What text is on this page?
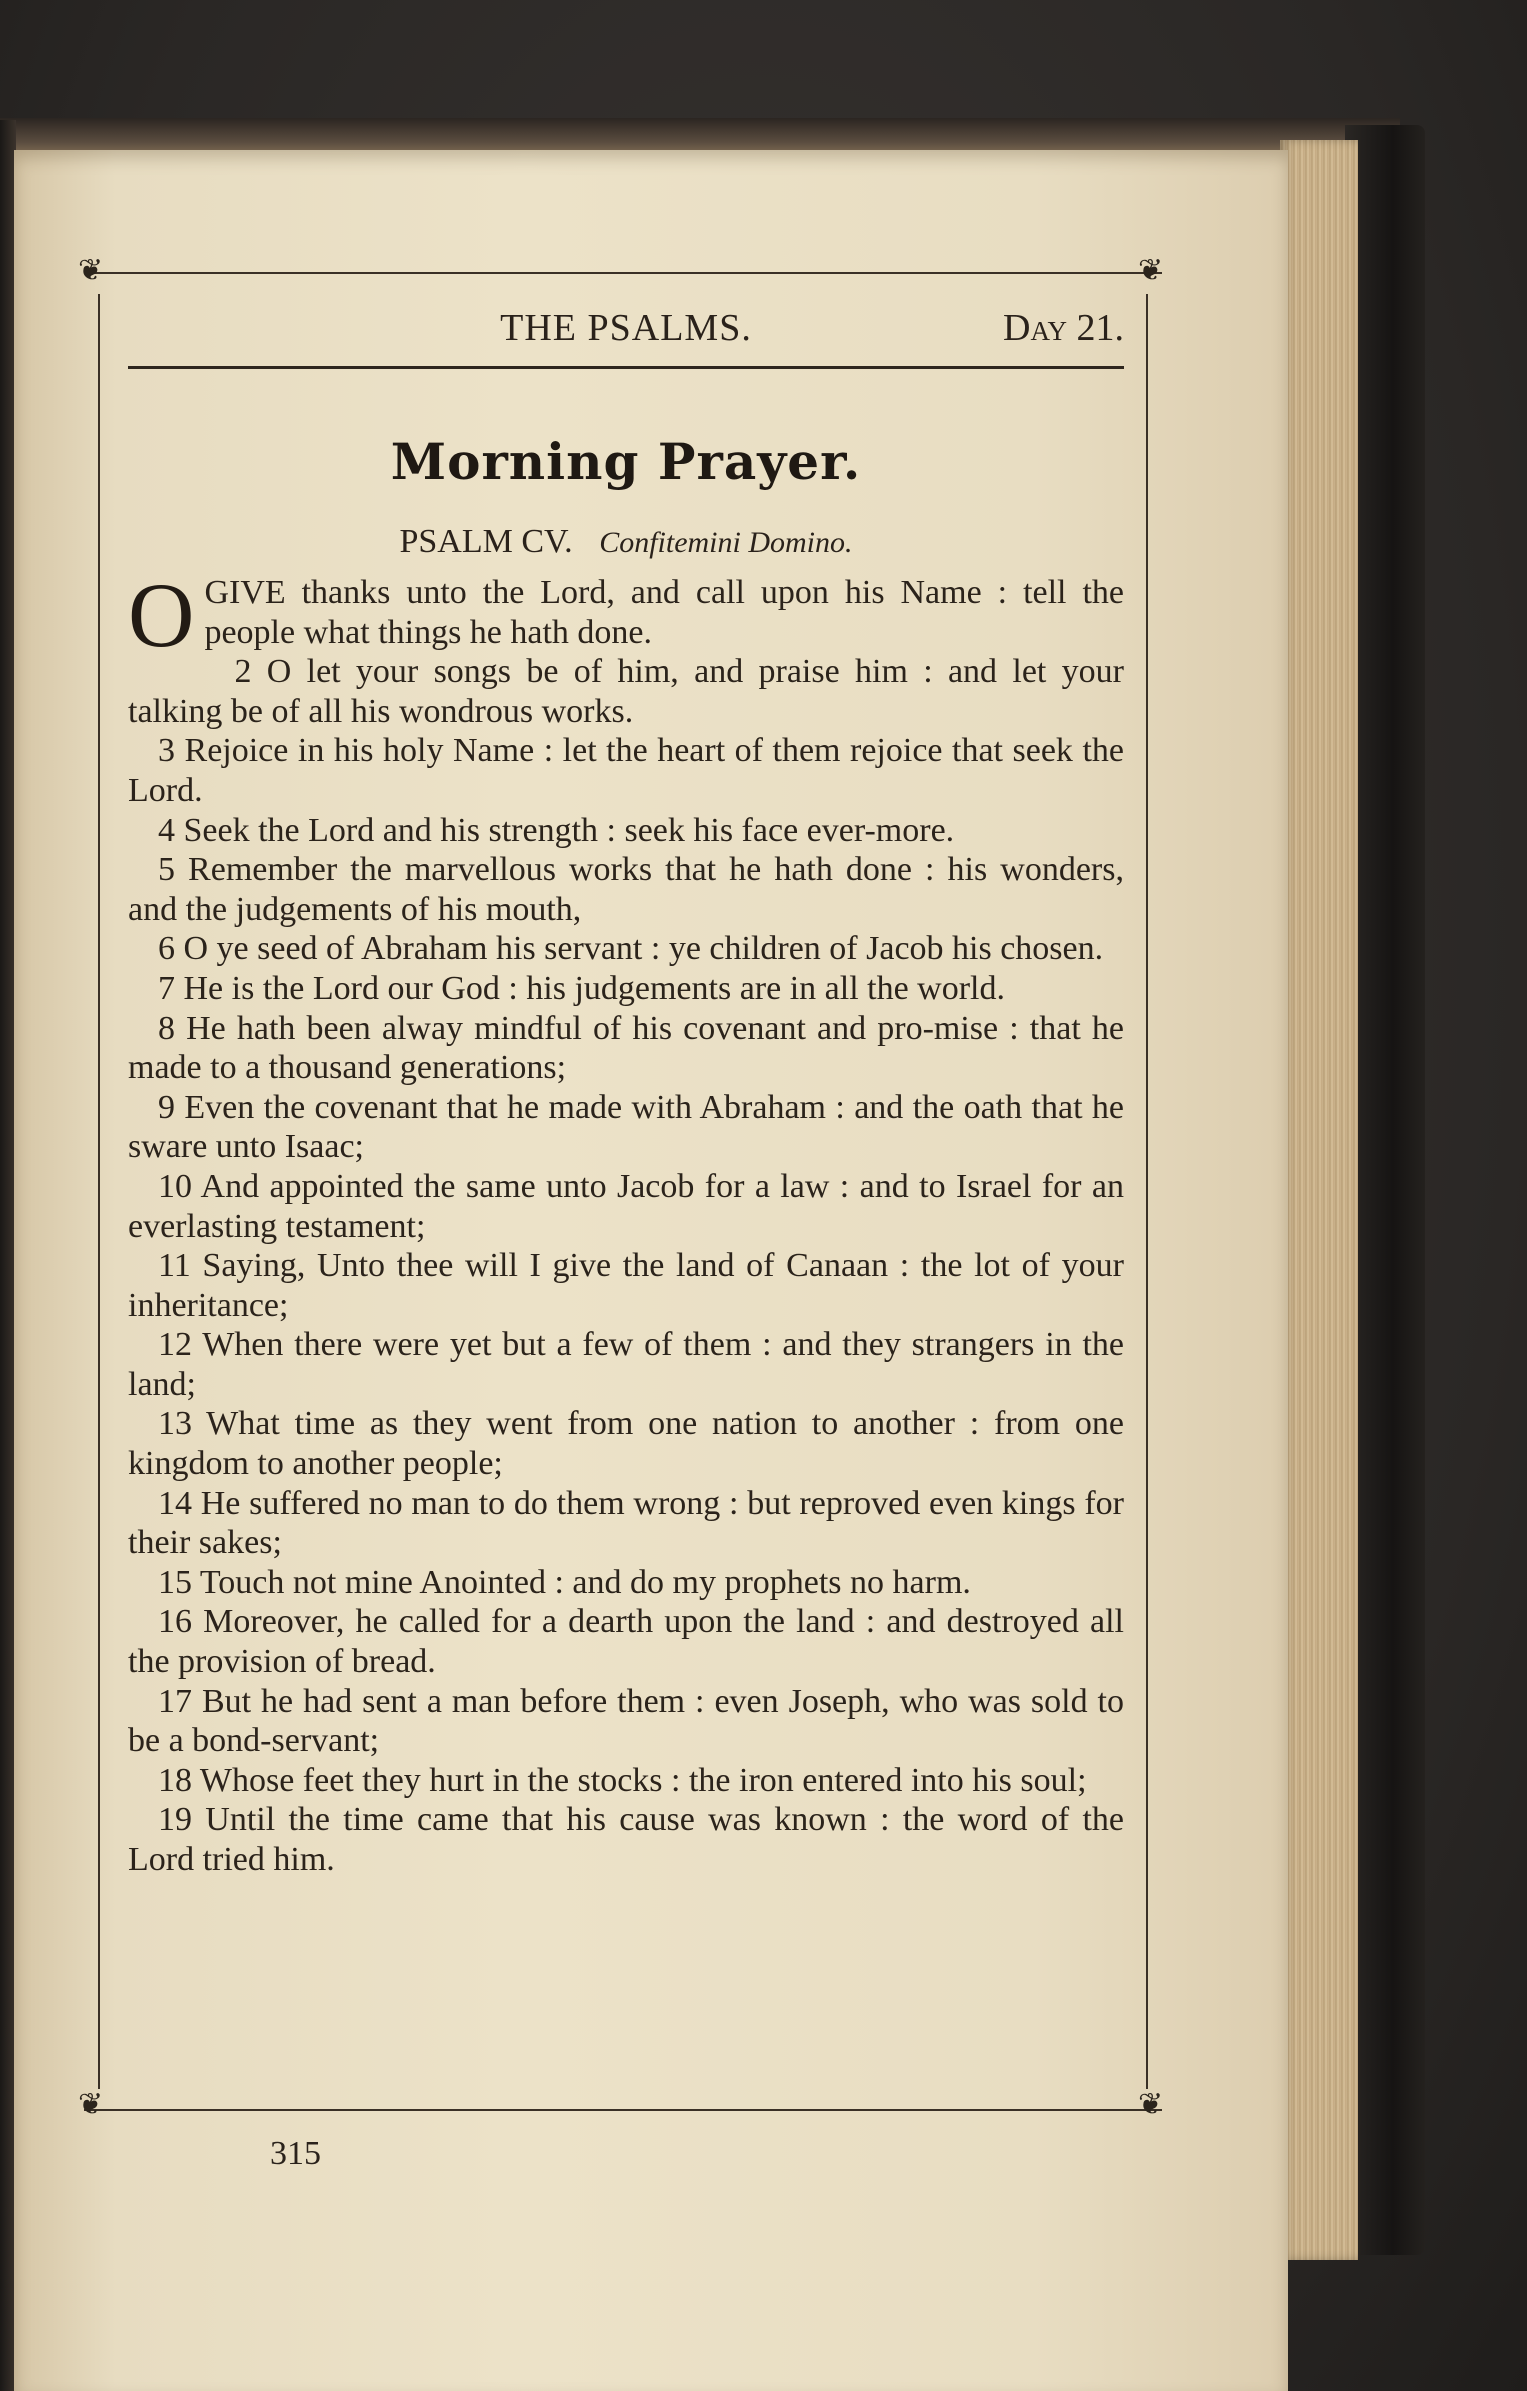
❦	❦
❦	❦
THE PSALMS.	Day 21.
Morning Prayer.
PSALM CV. Confitemini Domino.

OGIVE thanks unto the Lord, and call upon his Name : tell the people what things he hath done.

2 O let your songs be of him, and praise him : and let your talking be of all his wondrous works.

3 Rejoice in his holy Name : let the heart of them rejoice that seek the Lord.

4 Seek the Lord and his strength : seek his face ever-more.

5 Remember the marvellous works that he hath done : his wonders, and the judgements of his mouth,

6 O ye seed of Abraham his servant : ye children of Jacob his chosen.

7 He is the Lord our God : his judgements are in all the world.

8 He hath been alway mindful of his covenant and pro-mise : that he made to a thousand generations;

9 Even the covenant that he made with Abraham : and the oath that he sware unto Isaac;

10 And appointed the same unto Jacob for a law : and to Israel for an everlasting testament;

11 Saying, Unto thee will I give the land of Canaan : the lot of your inheritance;

12 When there were yet but a few of them : and they strangers in the land;

13 What time as they went from one nation to another : from one kingdom to another people;

14 He suffered no man to do them wrong : but reproved even kings for their sakes;

15 Touch not mine Anointed : and do my prophets no harm.

16 Moreover, he called for a dearth upon the land : and destroyed all the provision of bread.

17 But he had sent a man before them : even Joseph, who was sold to be a bond-servant;

18 Whose feet they hurt in the stocks : the iron entered into his soul;

19 Until the time came that his cause was known : the word of the Lord tried him.

315
